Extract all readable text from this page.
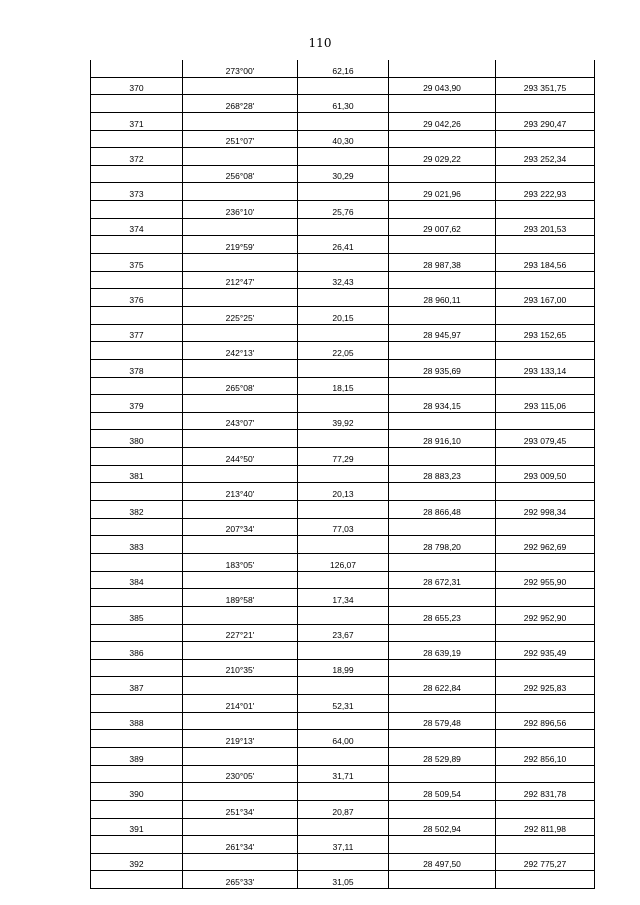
110
	273°00'	62,16		
370			29 043,90	293 351,75
	268°28'	61,30		
371			29 042,26	293 290,47
	251°07'	40,30		
372			29 029,22	293 252,34
	256°08'	30,29		
373			29 021,96	293 222,93
	236°10'	25,76		
374			29 007,62	293 201,53
	219°59'	26,41		
375			28 987,38	293 184,56
	212°47'	32,43		
376			28 960,11	293 167,00
	225°25'	20,15		
377			28 945,97	293 152,65
	242°13'	22,05		
378			28 935,69	293 133,14
	265°08'	18,15		
379			28 934,15	293 115,06
	243°07'	39,92		
380			28 916,10	293 079,45
	244°50'	77,29		
381			28 883,23	293 009,50
	213°40'	20,13		
382			28 866,48	292 998,34
	207°34'	77,03		
383			28 798,20	292 962,69
	183°05'	126,07		
384			28 672,31	292 955,90
	189°58'	17,34		
385			28 655,23	292 952,90
	227°21'	23,67		
386			28 639,19	292 935,49
	210°35'	18,99		
387			28 622,84	292 925,83
	214°01'	52,31		
388			28 579,48	292 896,56
	219°13'	64,00		
389			28 529,89	292 856,10
	230°05'	31,71		
390			28 509,54	292 831,78
	251°34'	20,87		
391			28 502,94	292 811,98
	261°34'	37,11		
392			28 497,50	292 775,27
	265°33'	31,05		
